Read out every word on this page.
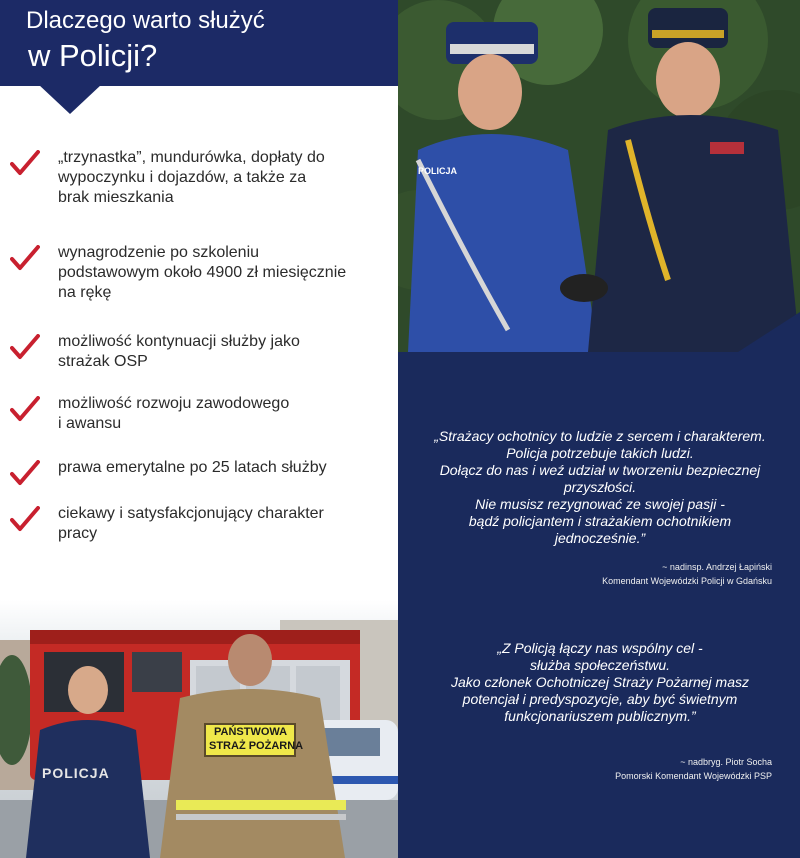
Dlaczego warto służyć
w Policji?
„trzynastka”, mundurówka, dopłaty do
wypoczynku i dojazdów, a także za
brak mieszkania
wynagrodzenie po szkoleniu
podstawowym około 4900 zł miesięcznie
na rękę
możliwość kontynuacji służby jako
strażak OSP
możliwość rozwoju zawodowego
i awansu
prawa emerytalne po 25 latach służby
ciekawy i satysfakcjonujący charakter
pracy
POLICJA
PAŃSTWOWA
STRAŻ POŻARNA
POLICJA

„Strażacy ochotnicy to ludzie z sercem i charakterem.
Policja potrzebuje takich ludzi.
Dołącz do nas i weź udział w tworzeniu bezpiecznej
przyszłości.
Nie musisz rezygnować ze swojej pasji -
bądź policjantem i strażakiem ochotnikiem
jednocześnie.”

~ nadinsp. Andrzej Łapiński
Komendant Wojewódzki Policji w Gdańsku

„Z Policją łączy nas wspólny cel -
służba społeczeństwu.
Jako członek Ochotniczej Straży Pożarnej masz
potencjał i predyspozycje, aby być świetnym
funkcjonariuszem publicznym.”

~ nadbryg. Piotr Socha
Pomorski Komendant Wojewódzki PSP
